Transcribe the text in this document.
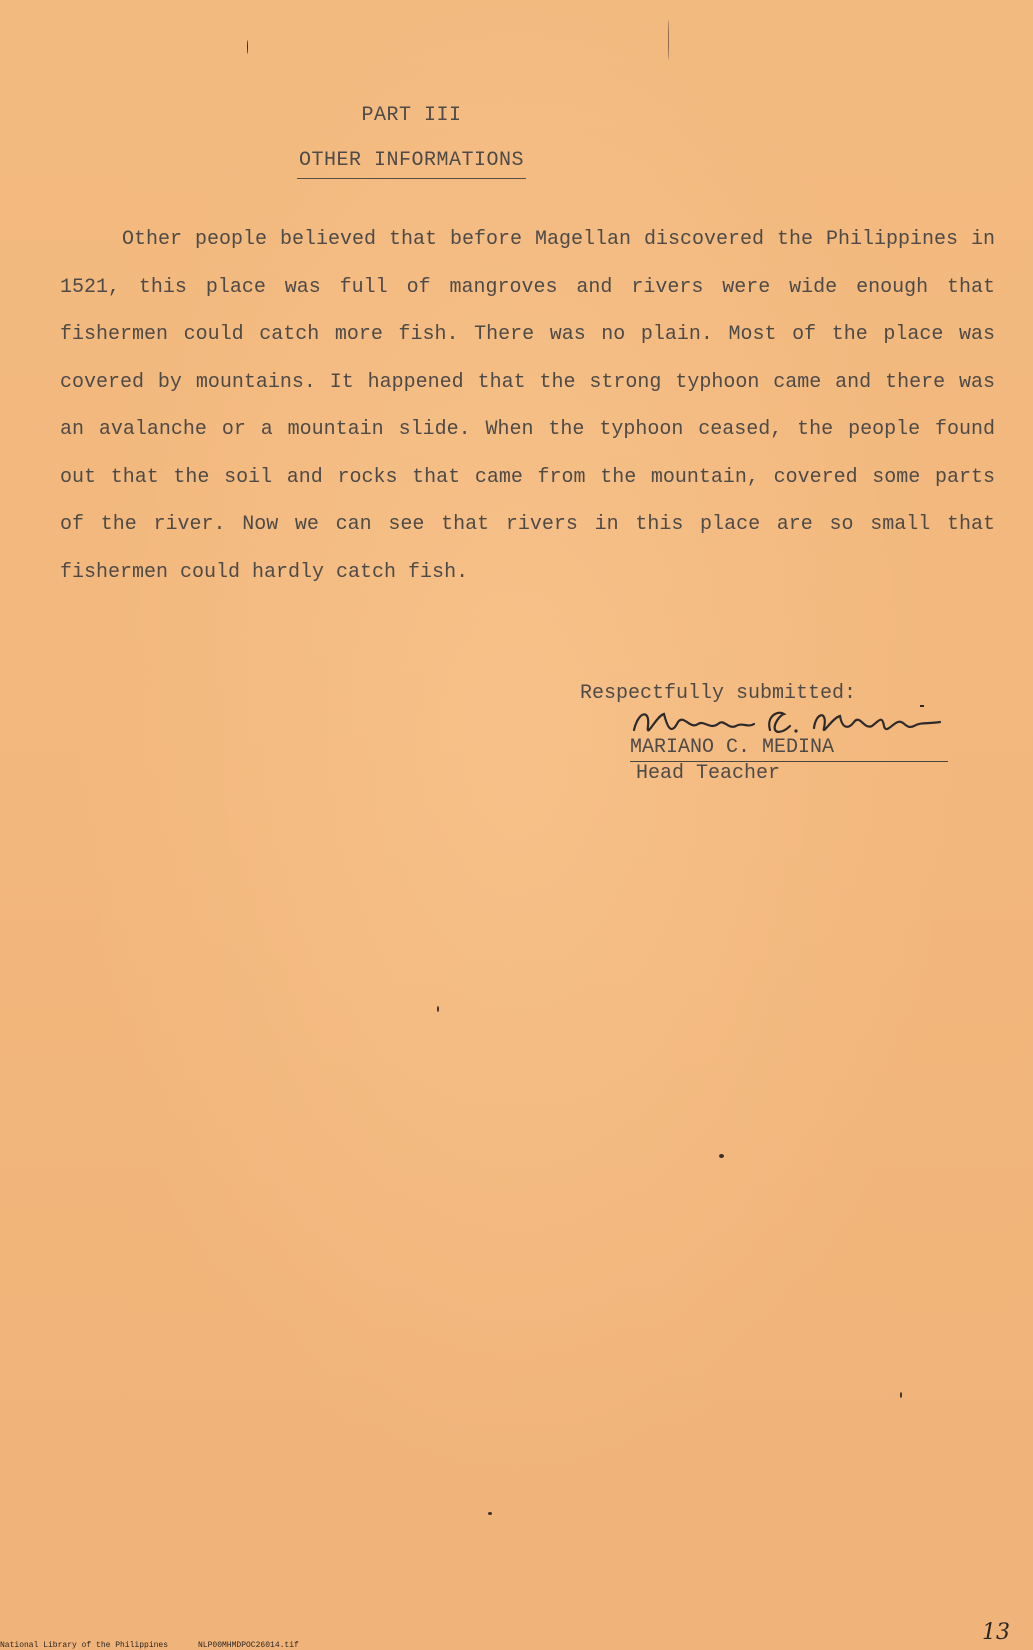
PART III
OTHER INFORMATIONS

Other people believed that before Magellan discovered the Philippines in 1521, this place was full of mangroves and rivers were wide enough that fishermen could catch more fish. There was no plain. Most of the place was covered by mountains. It happened that the strong typhoon came and there was an avalanche or a mountain slide. When the typhoon ceased, the people found out that the soil and rocks that came from the mountain, covered some parts of the river. Now we can see that rivers in this place are so small that fishermen could hardly catch fish.

Respectfully submitted:
MARIANO C. MEDINA
Head Teacher
13
National Library of the Philippines	NLP00MHMDPOC26014.tif
